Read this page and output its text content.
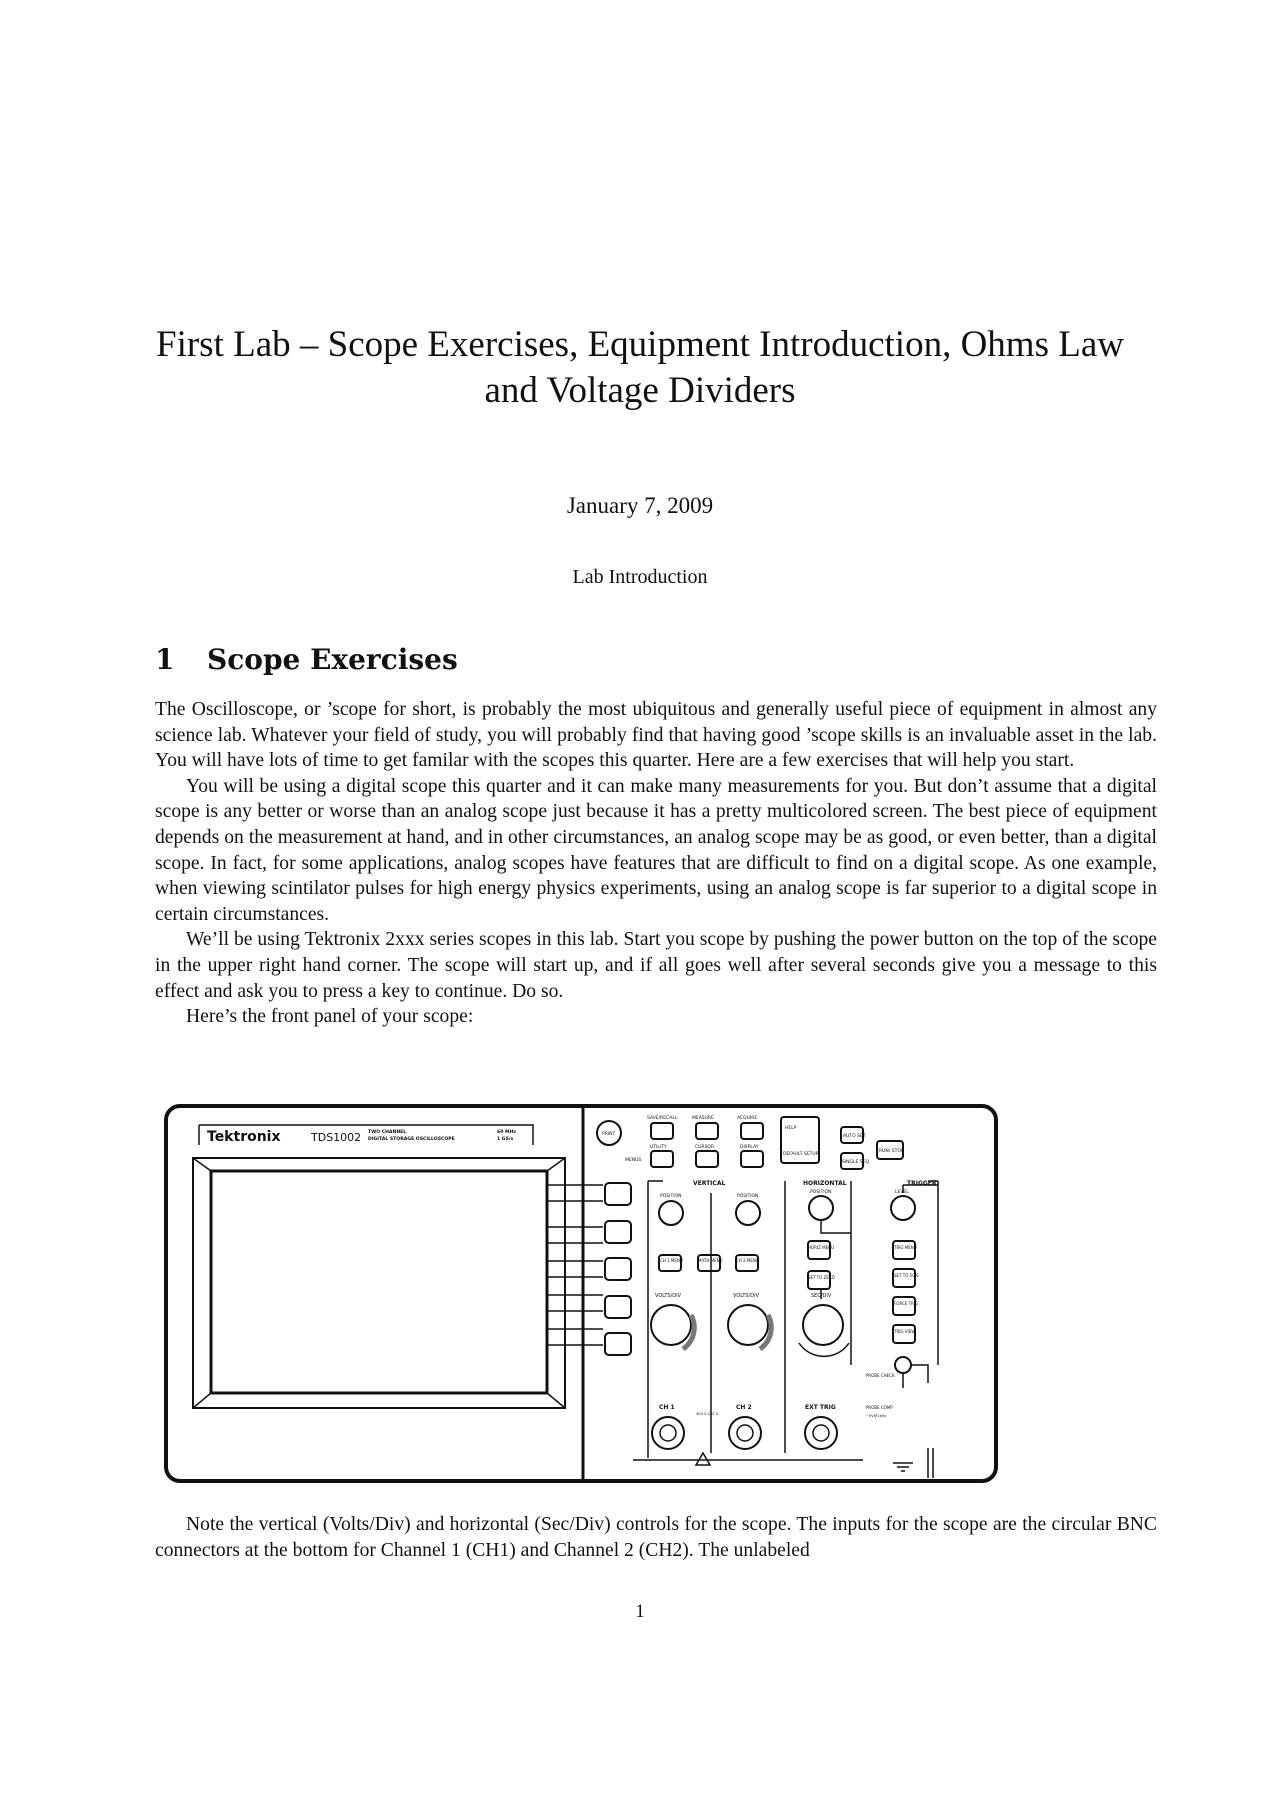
First Lab – Scope Exercises, Equipment Introduction, Ohms Law
and Voltage Dividers
January 7, 2009
Lab Introduction
1 Scope Exercises

The Oscilloscope, or ’scope for short, is probably the most ubiquitous and generally useful piece of equipment in almost any science lab. Whatever your field of study, you will probably find that having good ’scope skills is an invaluable asset in the lab. You will have lots of time to get familar with the scopes this quarter. Here are a few exercises that will help you start.

You will be using a digital scope this quarter and it can make many measurements for you. But don’t assume that a digital scope is any better or worse than an analog scope just because it has a pretty multicolored screen. The best piece of equipment depends on the measurement at hand, and in other circumstances, an analog scope may be as good, or even better, than a digital scope. In fact, for some applications, analog scopes have features that are difficult to find on a digital scope. As one example, when viewing scintilator pulses for high energy physics experiments, using an analog scope is far superior to a digital scope in certain circumstances.

We’ll be using Tektronix 2xxx series scopes in this lab. Start you scope by pushing the power button on the top of the scope in the upper right hand corner. The scope will start up, and if all goes well after several seconds give you a message to this effect and ask you to press a key to continue. Do so.

Here’s the front panel of your scope:

Tektronix	TDS1002 TWO CHANNEL
DIGITAL STORAGE OSCILLOSCOPE
60 MHz
1 GS/s
PRINT
SAVE/RECALL	MEASURE	ACQUIRE
HELP
MENUS
UTILITY	CURSOR	DISPLAY
DEFAULT SETUP
AUTO SET
SINGLE SEQ
RUN/ STOP
VERTICAL	HORIZONTAL	TRIGGER
POSITION	POSITION
POSITION	LEVEL
CH 1 MENU	MATH MENU	CH 2 MENU
HORIZ MENU
SET TO ZERO
TRIG MENU
SET TO 50%
FORCE TRIG
TRIG VIEW
VOLTS/DIV	VOLTS/DIV	SEC/DIV
CH 1	CH 2	EXT TRIG
300 V CAT II
PROBE CHECK
PROBE COMP
~5V@1kHz

Note the vertical (Volts/Div) and horizontal (Sec/Div) controls for the scope. The inputs for the scope are the circular BNC connectors at the bottom for Channel 1 (CH1) and Channel 2 (CH2). The unlabeled

1
